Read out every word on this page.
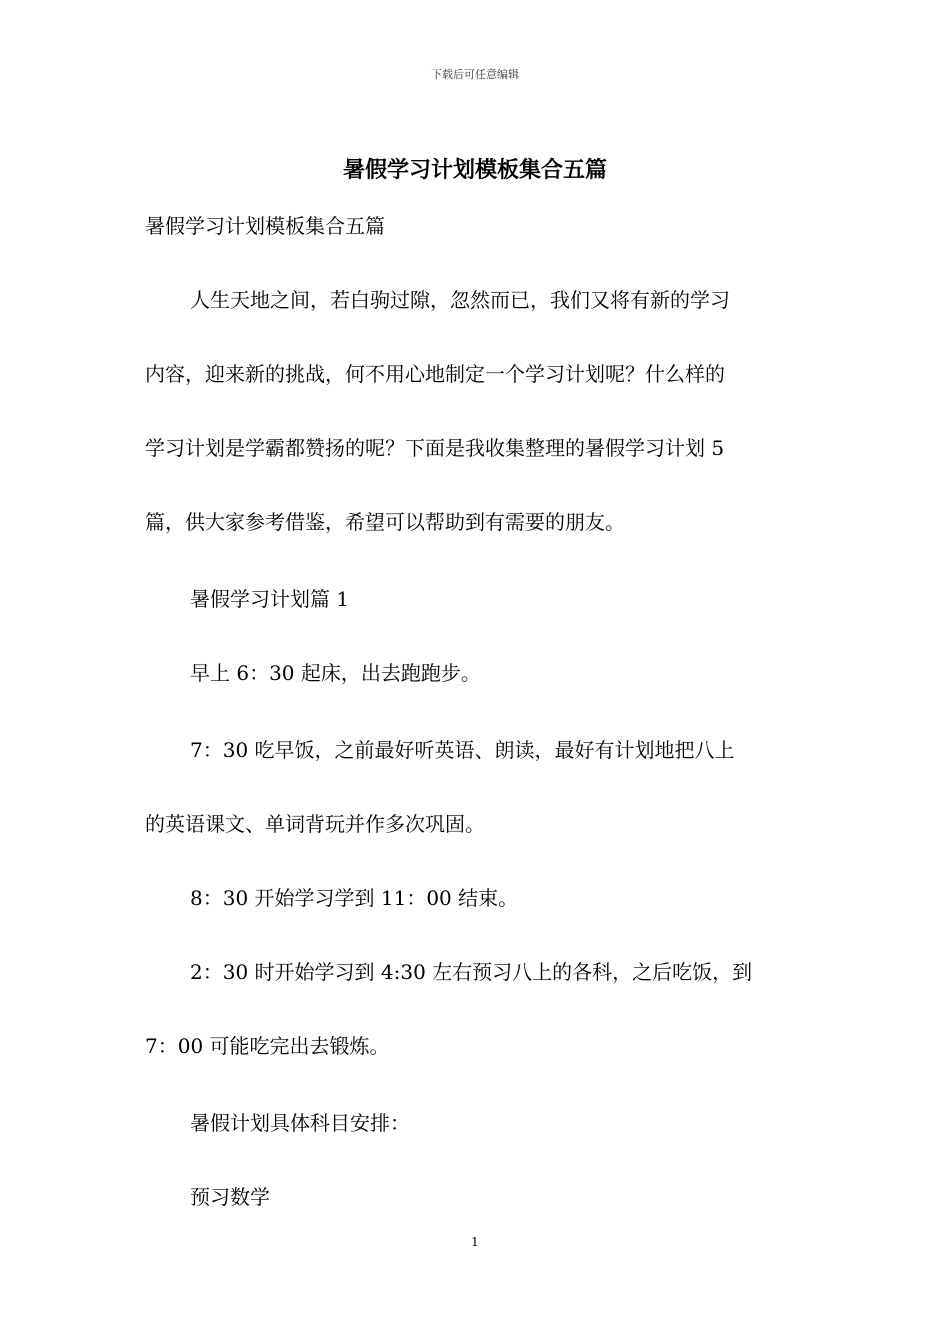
下载后可任意编辑
暑假学习计划模板集合五篇

暑假学习计划模板集合五篇

人生天地之间，若白驹过隙，忽然而已，我们又将有新的学习

内容，迎来新的挑战，何不用心地制定一个学习计划呢？什么样的

学习计划是学霸都赞扬的呢？下面是我收集整理的暑假学习计划 5

篇，供大家参考借鉴，希望可以帮助到有需要的朋友。

暑假学习计划篇 1

早上 6：30 起床，出去跑跑步。

7：30 吃早饭，之前最好听英语、朗读，最好有计划地把八上

的英语课文、单词背玩并作多次巩固。

8：30 开始学习学到 11：00 结束。

2：30 时开始学习到 4:30 左右预习八上的各科，之后吃饭，到

7：00 可能吃完出去锻炼。

暑假计划具体科目安排：

预习数学

1
